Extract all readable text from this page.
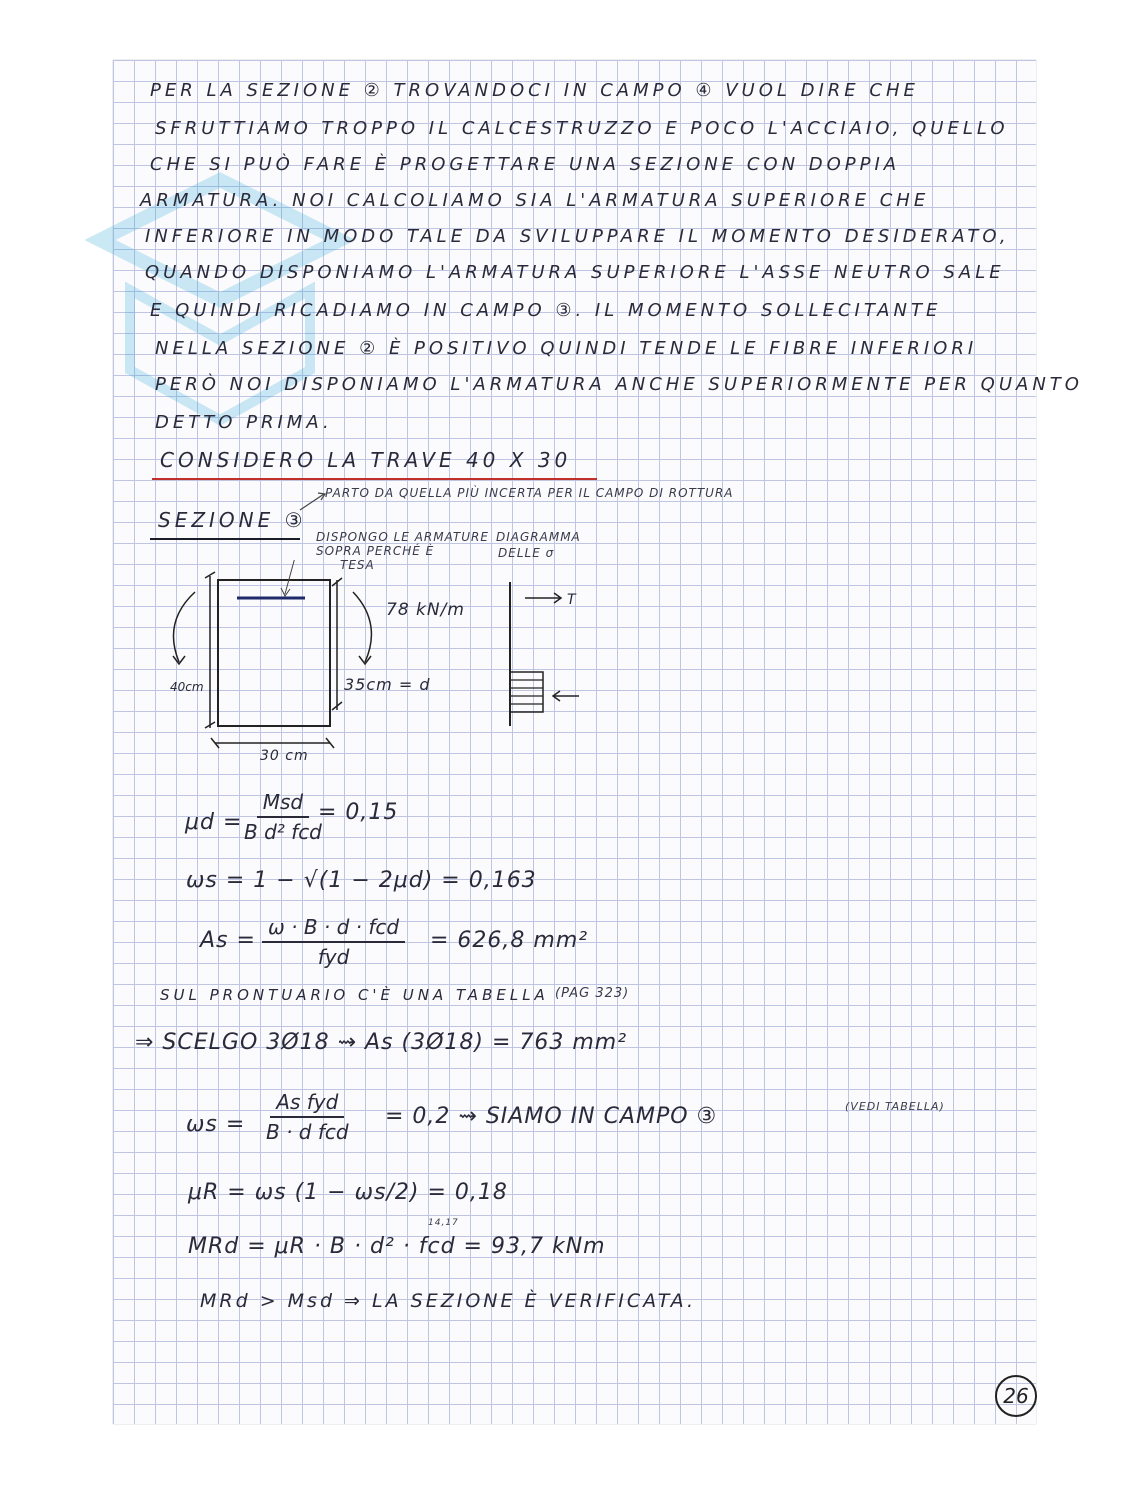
PER LA SEZIONE ② TROVANDOCI IN CAMPO ④ VUOL DIRE CHE
SFRUTTIAMO TROPPO IL CALCESTRUZZO E POCO L'ACCIAIO, QUELLO
CHE SI PUÒ FARE È PROGETTARE UNA SEZIONE CON DOPPIA
ARMATURA. NOI CALCOLIAMO SIA L'ARMATURA SUPERIORE CHE
INFERIORE IN MODO TALE DA SVILUPPARE IL MOMENTO DESIDERATO,
QUANDO DISPONIAMO L'ARMATURA SUPERIORE L'ASSE NEUTRO SALE
E QUINDI RICADIAMO IN CAMPO ③. IL MOMENTO SOLLECITANTE
NELLA SEZIONE ② È POSITIVO QUINDI TENDE LE FIBRE INFERIORI
PERÒ NOI DISPONIAMO L'ARMATURA ANCHE SUPERIORMENTE PER QUANTO
DETTO PRIMA.
CONSIDERO LA TRAVE 40 X 30
SEZIONE ③
PARTO DA QUELLA PIÙ INCERTA PER IL CAMPO DI ROTTURA
DISPONGO LE ARMATURE
SOPRA PERCHÉ È
TESA
DIAGRAMMA
DELLE σ
78 kN/m
40cm	35cm = d
30 cm
T
μd =
Msd
B d² fcd
= 0,15
ωs = 1 − √(1 − 2μd) = 0,163
As =
ω · B · d · fcd
fyd
= 626,8 mm²
SUL PRONTUARIO C'È UNA TABELLA (PAG 323)
⇒ SCELGO 3Ø18 ⇝ As (3Ø18) = 763 mm²
ωs =
As fyd
B · d fcd
= 0,2 ⇝ SIAMO IN CAMPO ③	(VEDI TABELLA)
μR = ωs (1 − ωs/2) = 0,18
14,17
MRd = μR · B · d² · fcd = 93,7 kNm
MRd > Msd ⇒ LA SEZIONE È VERIFICATA.
26
